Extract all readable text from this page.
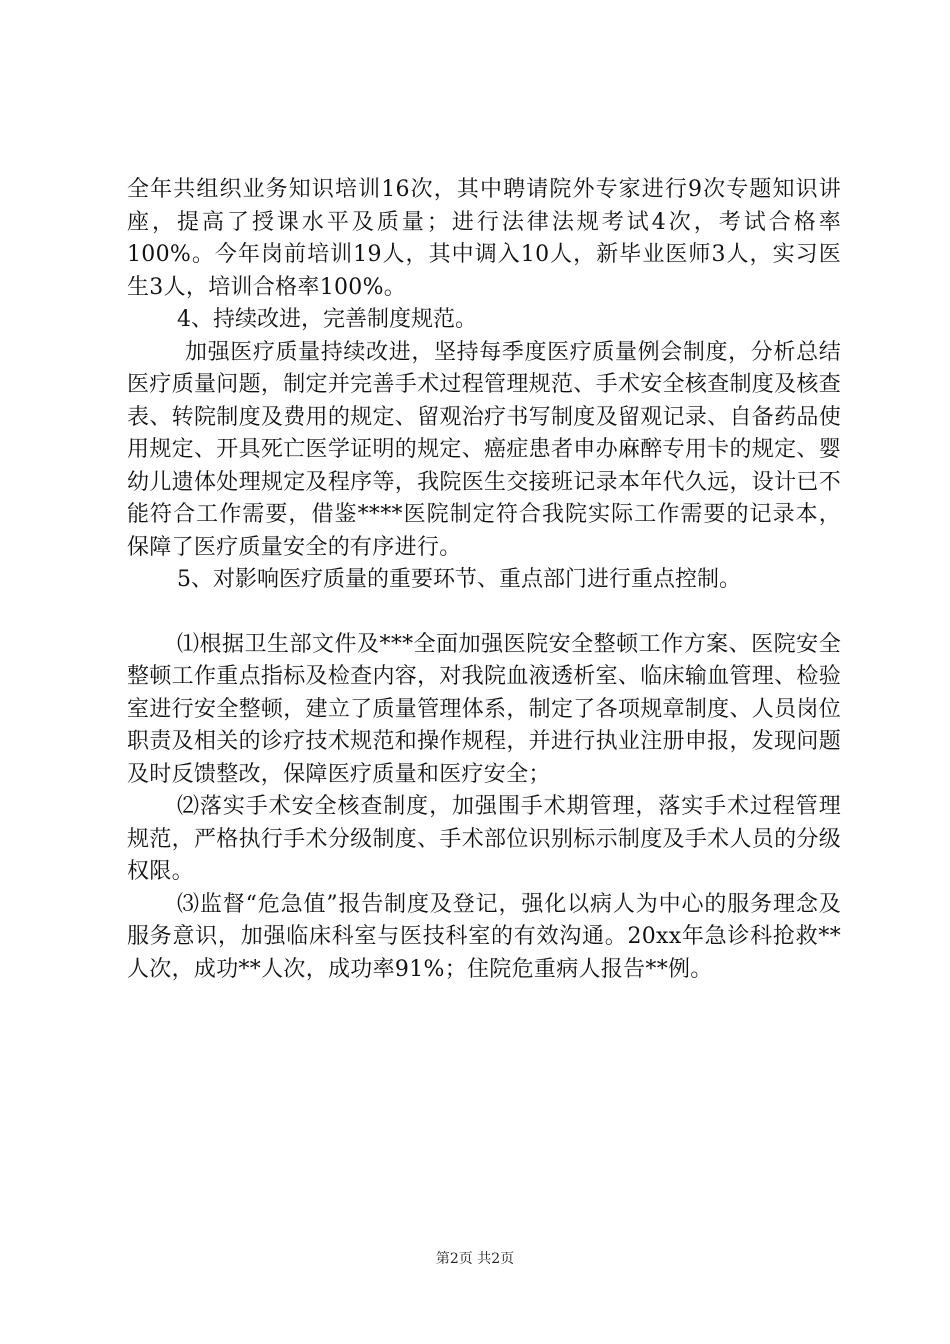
全年共组织业务知识培训16次，其中聘请院外专家进行9次专题知识讲座，提高了授课水平及质量；进行法律法规考试4次，考试合格率100%。今年岗前培训19人，其中调入10人，新毕业医师3人，实习医生3人，培训合格率100%。

4、持续改进，完善制度规范。

加强医疗质量持续改进，坚持每季度医疗质量例会制度，分析总结医疗质量问题，制定并完善手术过程管理规范、手术安全核查制度及核查表、转院制度及费用的规定、留观治疗书写制度及留观记录、自备药品使用规定、开具死亡医学证明的规定、癌症患者申办麻醉专用卡的规定、婴幼儿遗体处理规定及程序等，我院医生交接班记录本年代久远，设计已不能符合工作需要，借鉴****医院制定符合我院实际工作需要的记录本，保障了医疗质量安全的有序进行。

5、对影响医疗质量的重要环节、重点部门进行重点控制。

⑴根据卫生部文件及***全面加强医院安全整顿工作方案、医院安全整顿工作重点指标及检查内容，对我院血液透析室、临床输血管理、检验室进行安全整顿，建立了质量管理体系，制定了各项规章制度、人员岗位职责及相关的诊疗技术规范和操作规程，并进行执业注册申报，发现问题及时反馈整改，保障医疗质量和医疗安全；

⑵落实手术安全核查制度，加强围手术期管理，落实手术过程管理规范，严格执行手术分级制度、手术部位识别标示制度及手术人员的分级权限。

⑶监督“危急值”报告制度及登记，强化以病人为中心的服务理念及服务意识，加强临床科室与医技科室的有效沟通。20xx年急诊科抢救**人次，成功**人次，成功率91%；住院危重病人报告**例。

第2页 共2页
